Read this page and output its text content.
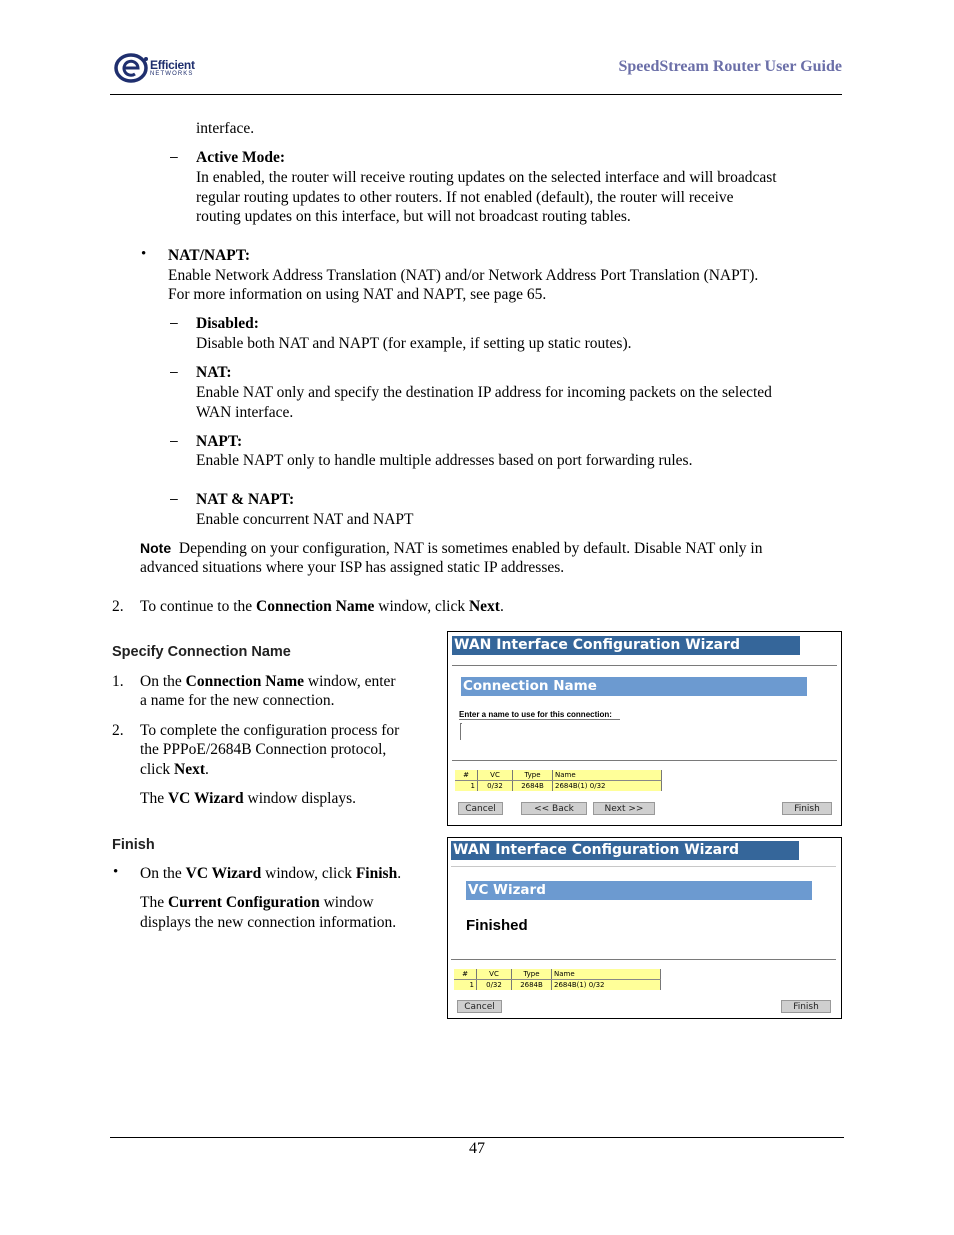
Efficient
NETWORKS	SpeedStream Router User Guide
interface.
– Active Mode:
In enabled, the router will receive routing updates on the selected interface and will broadcast
regular routing updates to other routers. If not enabled (default), the router will receive
routing updates on this interface, but will not broadcast routing tables.
• NAT/NAPT:
Enable Network Address Translation (NAT) and/or Network Address Port Translation (NAPT).
For more information on using NAT and NAPT, see page 65.
– Disabled:
Disable both NAT and NAPT (for example, if setting up static routes).
– NAT:
Enable NAT only and specify the destination IP address for incoming packets on the selected
WAN interface.
– NAPT:
Enable NAPT only to handle multiple addresses based on port forwarding rules.
– NAT & NAPT:
Enable concurrent NAT and NAPT
Note Depending on your configuration, NAT is sometimes enabled by default. Disable NAT only in
advanced situations where your ISP has assigned static IP addresses.
2. To continue to the Connection Name window, click Next.
Specify Connection Name
1. On the Connection Name window, enter
a name for the new connection.
2. To complete the configuration process for
the PPPoE/2684B Connection protocol,
click Next.
The VC Wizard window displays.
Finish
• On the VC Wizard window, click Finish.
The Current Configuration window
displays the new connection information.
WAN Interface Configuration Wizard
Connection Name
Enter a name to use for this connection:
#	VC	Type	Name
1	0/32	2684B	2684B(1) 0/32
Cancel	<< Back	Next >>	Finish
WAN Interface Configuration Wizard
VC Wizard
Finished
#	VC	Type	Name
1	0/32	2684B	2684B(1) 0/32
Cancel	Finish
47
